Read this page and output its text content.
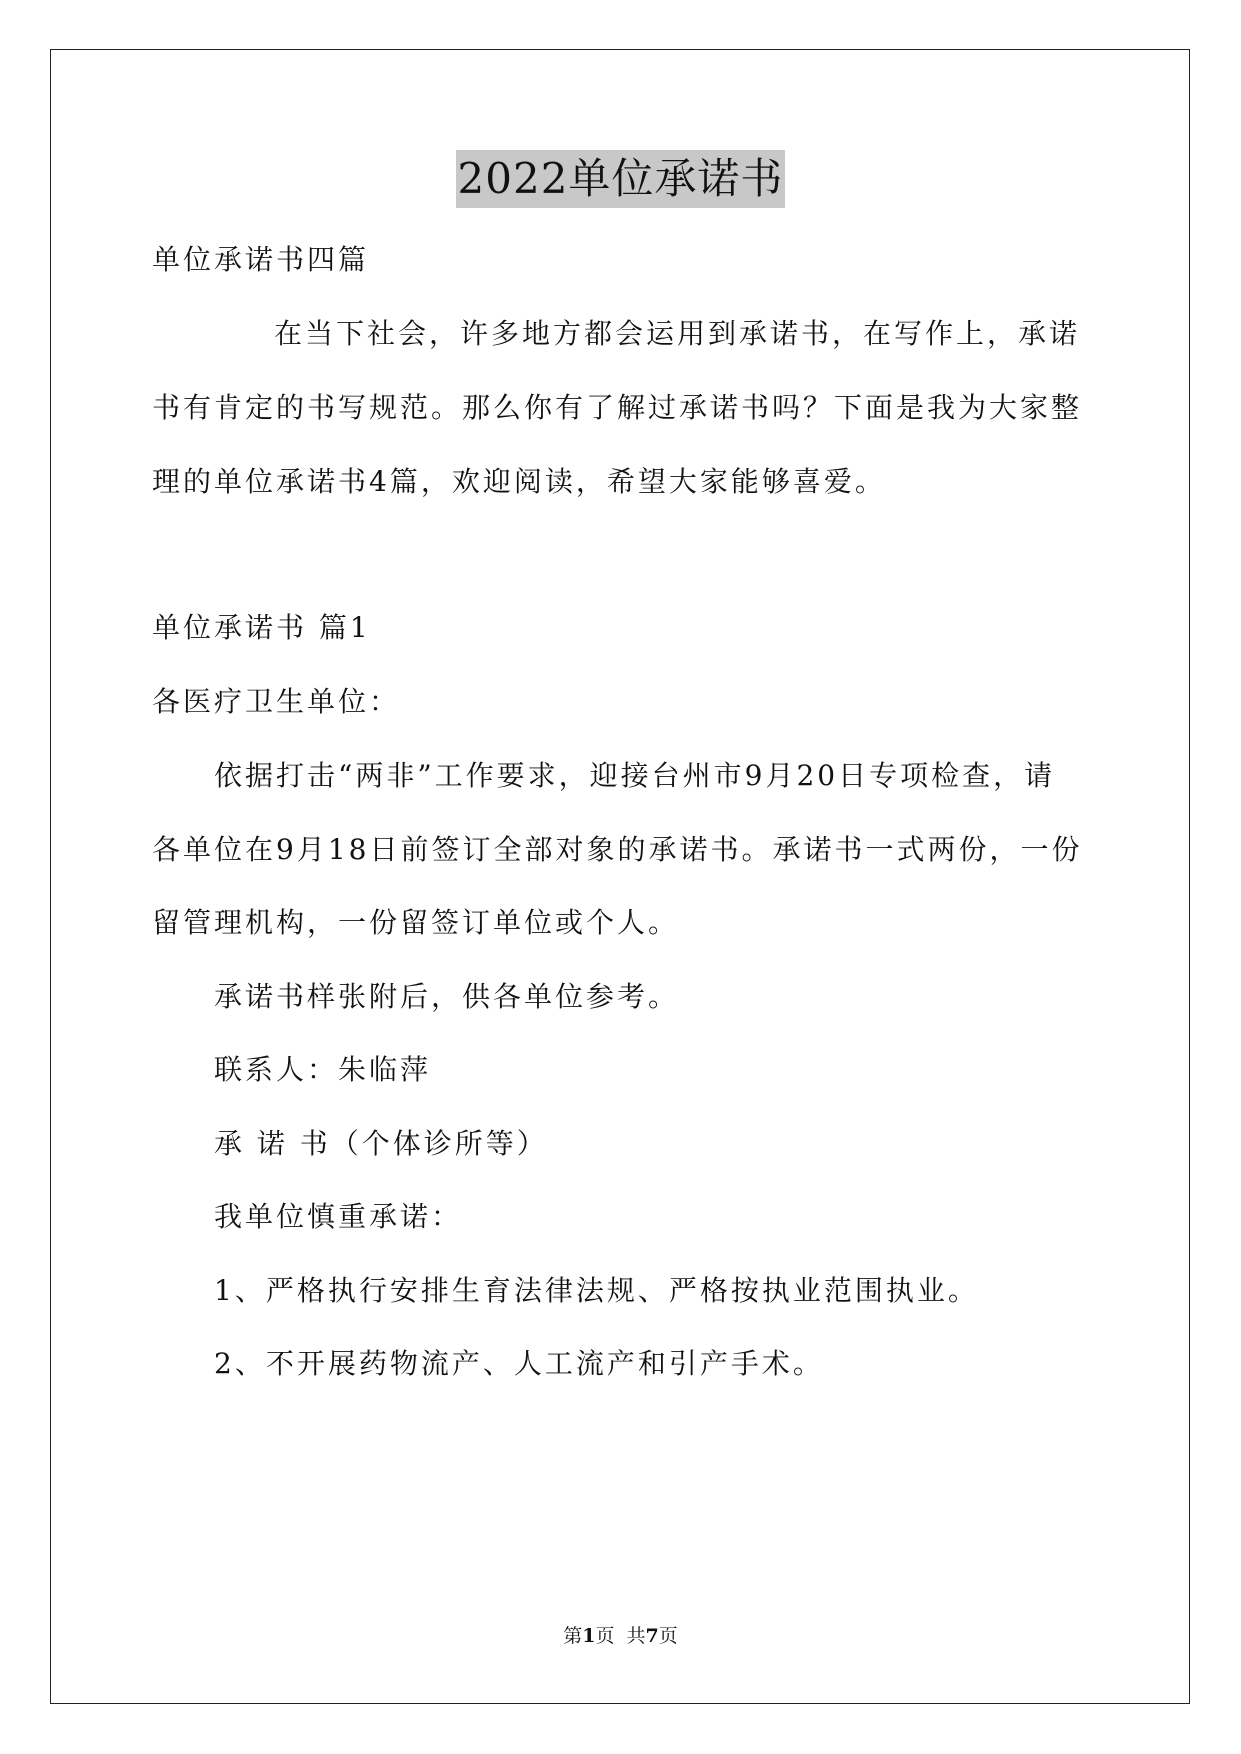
2022单位承诺书
单位承诺书四篇
在当下社会，许多地方都会运用到承诺书，在写作上，承诺
书有肯定的书写规范。那么你有了解过承诺书吗？下面是我为大家整
理的单位承诺书4篇，欢迎阅读，希望大家能够喜爱。
单位承诺书 篇1
各医疗卫生单位：
依据打击“两非”工作要求，迎接台州市9月20日专项检查，请
各单位在9月18日前签订全部对象的承诺书。承诺书一式两份，一份
留管理机构，一份留签订单位或个人。
承诺书样张附后，供各单位参考。
联系人：朱临萍
承 诺 书（个体诊所等）
我单位慎重承诺：
1、严格执行安排生育法律法规、严格按执业范围执业。
2、不开展药物流产、人工流产和引产手术。
第1页  共7页
